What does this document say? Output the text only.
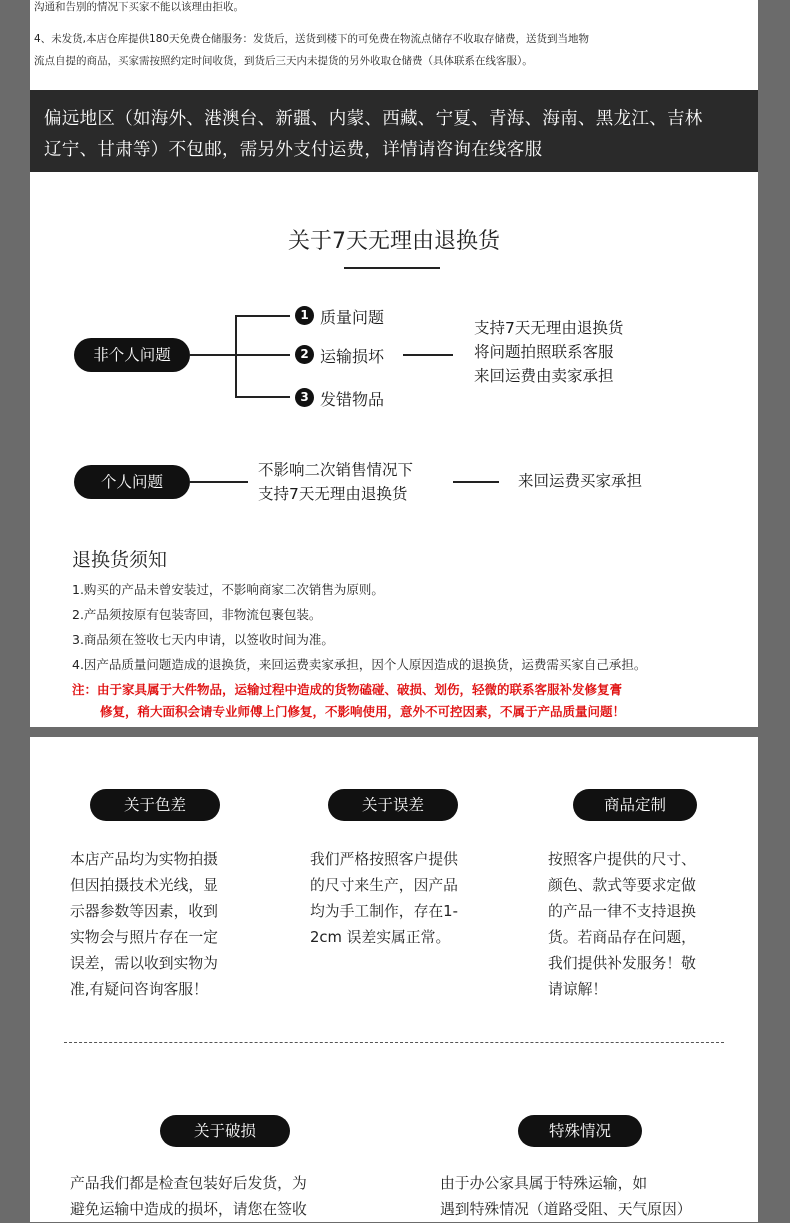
沟通和告别的情况下买家不能以该理由拒收。
4、未发货,本店仓库提供180天免费仓储服务：发货后，送货到楼下的可免费在物流点储存不收取存储费，送货到当地物
流点自提的商品，买家需按照约定时间收货，到货后三天内未提货的另外收取仓储费（具体联系在线客服）。
偏远地区（如海外、港澳台、新疆、内蒙、西藏、宁夏、青海、海南、黑龙江、吉林
辽宁、甘肃等）不包邮，需另外支付运费，详情请咨询在线客服
关于7天无理由退换货
非个人问题
1 质量问题
2 运输损坏
3 发错物品
支持7天无理由退换货
将问题拍照联系客服
来回运费由卖家承担
个人问题
不影响二次销售情况下
支持7天无理由退换货
来回运费买家承担
退换货须知
1.购买的产品未曾安装过，不影响商家二次销售为原则。
2.产品须按原有包装寄回，非物流包裹包装。
3.商品须在签收七天内申请，以签收时间为准。
4.因产品质量问题造成的退换货，来回运费卖家承担，因个人原因造成的退换货，运费需买家自己承担。
注：由于家具属于大件物品，运输过程中造成的货物磕碰、破损、划伤，轻微的联系客服补发修复膏
修复，稍大面积会请专业师傅上门修复，不影响使用，意外不可控因素，不属于产品质量问题！
关于色差	关于误差	商品定制
本店产品均为实物拍摄
但因拍摄技术光线，显
示器参数等因素，收到
实物会与照片存在一定
误差，需以收到实物为
准,有疑问咨询客服！
我们严格按照客户提供
的尺寸来生产，因产品
均为手工制作，存在1-
2cm 误差实属正常。
按照客户提供的尺寸、
颜色、款式等要求定做
的产品一律不支持退换
货。若商品存在问题，
我们提供补发服务！敬
请谅解！
关于破损	特殊情况
产品我们都是检查包装好后发货，为
避免运输中造成的损坏，请您在签收
由于办公家具属于特殊运输，如
遇到特殊情况（道路受阻、天气原因）
